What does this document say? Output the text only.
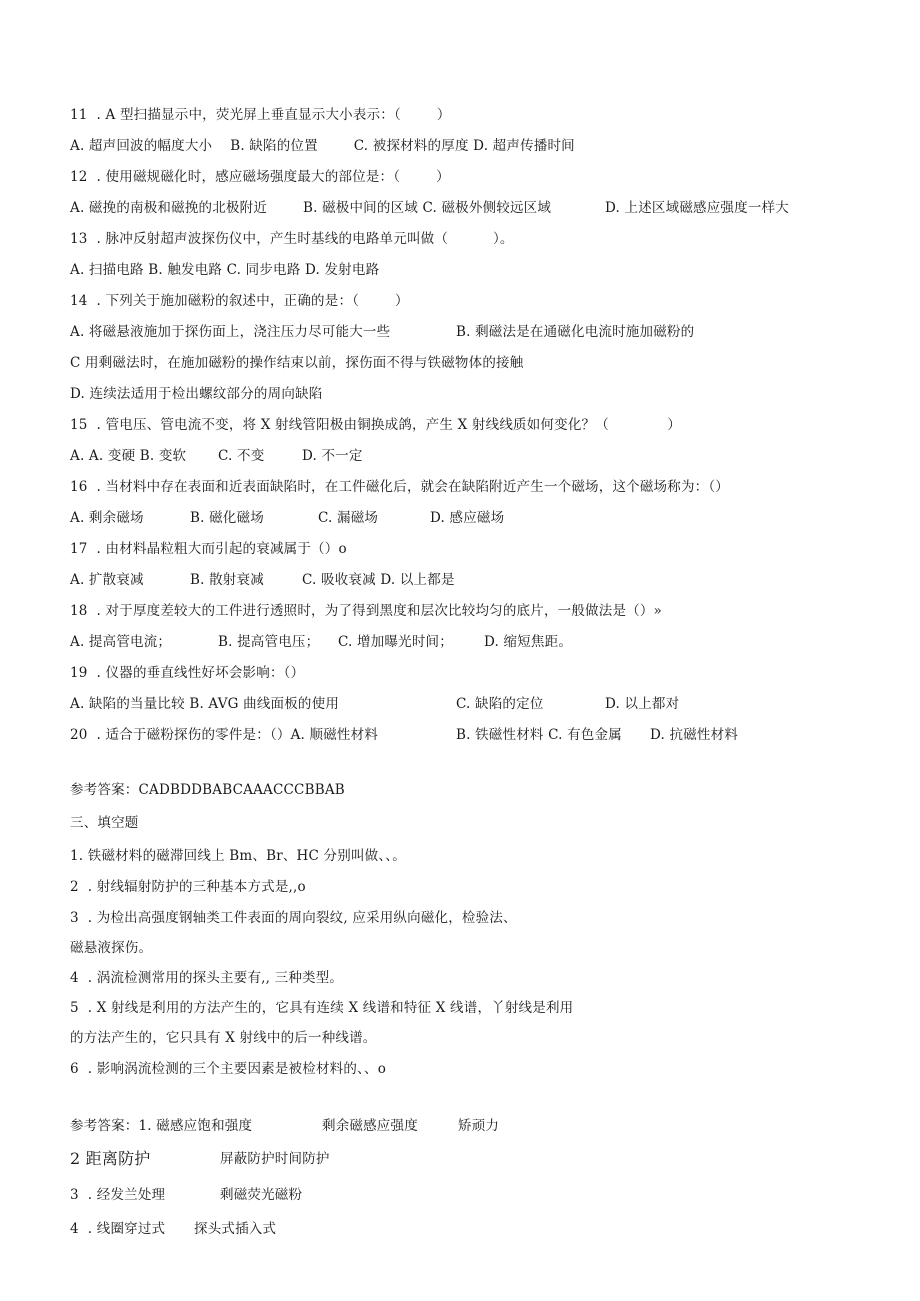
11  . A 型扫描显示中，荧光屏上垂直显示大小表示：（        ）
A. 超声回波的幅度大小    B. 缺陷的位置        C. 被探材料的厚度 D. 超声传播时间
12  . 使用磁规磁化时，感应磁场强度最大的部位是：（        ）

A. 磁挽的南极和磁挽的北极附近        B. 磁极中间的区域 C. 磁极外侧较远区域

	D. 上述区域磁感应强度一样大

13  . 脉冲反射超声波探伤仪中，产生时基线的电路单元叫做（          ）。
A. 扫描电路 B. 触发电路 C. 同步电路 D. 发射电路
14  . 下列关于施加磁粉的叙述中，正确的是：（        ）

A. 将磁悬液施加于探伤面上，浇注压力尽可能大一些

	B. 剩磁法是在通磁化电流时施加磁粉的

C 用剩磁法时，在施加磁粉的操作结束以前，探伤面不得与铁磁物体的接触
D. 连续法适用于检出螺纹部分的周向缺陷
15  . 管电压、管电流不变，将 X 射线管阳极由铜换成鸽，产生 X 射线线质如何变化？（             ）

A. A. 变硬 B. 变软

C. 不变

	D. 不一定

16  . 当材料中存在表面和近表面缺陷时，在工件磁化后，就会在缺陷附近产生一个磁场，这个磁场称为：（）

A. 剩余磁场

	B. 磁化磁场

	C. 漏磁场

	D. 感应磁场

17  . 由材料晶粒粗大而引起的衰减属于（）o

A. 扩散衰减

	B. 散射衰减

	C. 吸收衰减 D. 以上都是

18  . 对于厚度差较大的工件进行透照时，为了得到黑度和层次比较均匀的底片，一般做法是（）»

A. 提高管电流；

	B. 提高管电压；

C. 增加曝光时间；

D. 缩短焦距。

19  . 仪器的垂直线性好坏会影响：（）

A. 缺陷的当量比较 B. AVG 曲线面板的使用

	C. 缺陷的定位

	D. 以上都对

20  . 适合于磁粉探伤的零件是：（）A. 顺磁性材料

	B. 铁磁性材料 C. 有色金属

D. 抗磁性材料

参考答案：CADBDDBABCAAACCCBBAB
三、填空题
1. 铁磁材料的磁滞回线上 Bm、Br、HC 分别叫做、、。
2  . 射线辐射防护的三种基本方式是,,o
3  . 为检出高强度钢轴类工件表面的周向裂纹, 应采用纵向磁化，检验法、
磁悬液探伤。
4  . 涡流检测常用的探头主要有,, 三种类型。
5  . X 射线是利用的方法产生的，它具有连续 X 线谱和特征 X 线谱，丫射线是利用
的方法产生的，它只具有 X 射线中的后一种线谱。
6  . 影响涡流检测的三个主要因素是被检材料的、、o

参考答案：1. 磁感应饱和强度

	剩余磁感应强度

	矫顽力

2 距离防护

	屏蔽防护时间防护

3  . 经发兰处理

	剩磁荧光磁粉

4  . 线圈穿过式

探头式插入式
